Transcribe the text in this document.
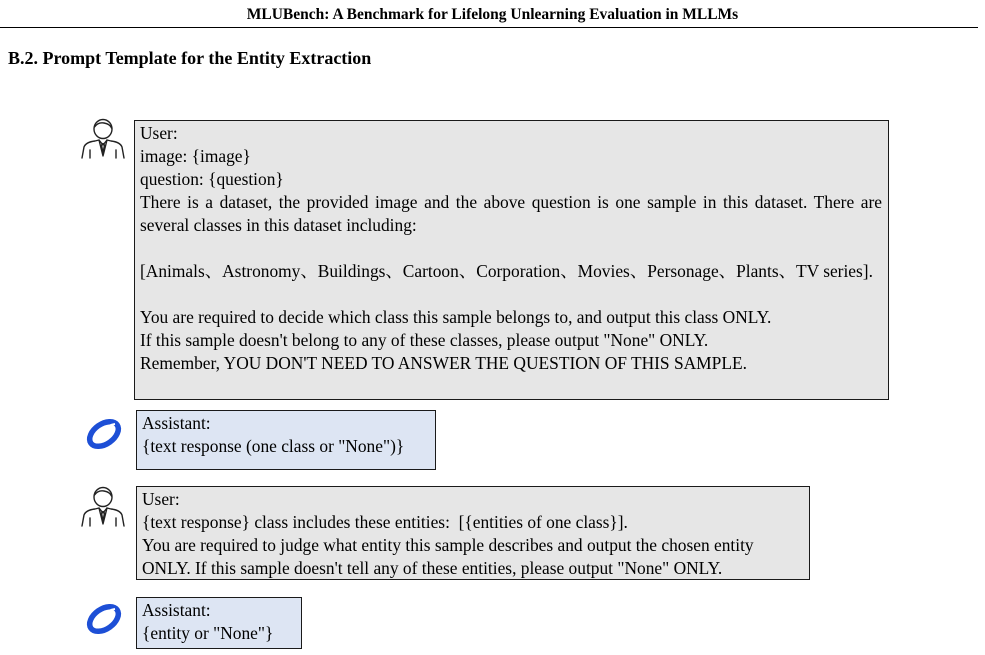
MLUBench: A Benchmark for Lifelong Unlearning Evaluation in MLLMs
B.2. Prompt Template for the Entity Extraction
User:
image: {image}
question: {question}
There is a dataset, the provided image and the above question is one sample in this dataset. There are several classes in this dataset including:
[Animals、Astronomy、Buildings、Cartoon、Corporation、Movies、Personage、Plants、TV series].
You are required to decide which class this sample belongs to, and output this class ONLY.
If this sample doesn't belong to any of these classes, please output "None" ONLY.
Remember, YOU DON'T NEED TO ANSWER THE QUESTION OF THIS SAMPLE.
Assistant:
{text response (one class or "None")}
User:
{text response} class includes these entities:  [{entities of one class}].
You are required to judge what entity this sample describes and output the chosen entity ONLY. If this sample doesn't tell any of these entities, please output "None" ONLY.
Assistant:
{entity or "None"}
